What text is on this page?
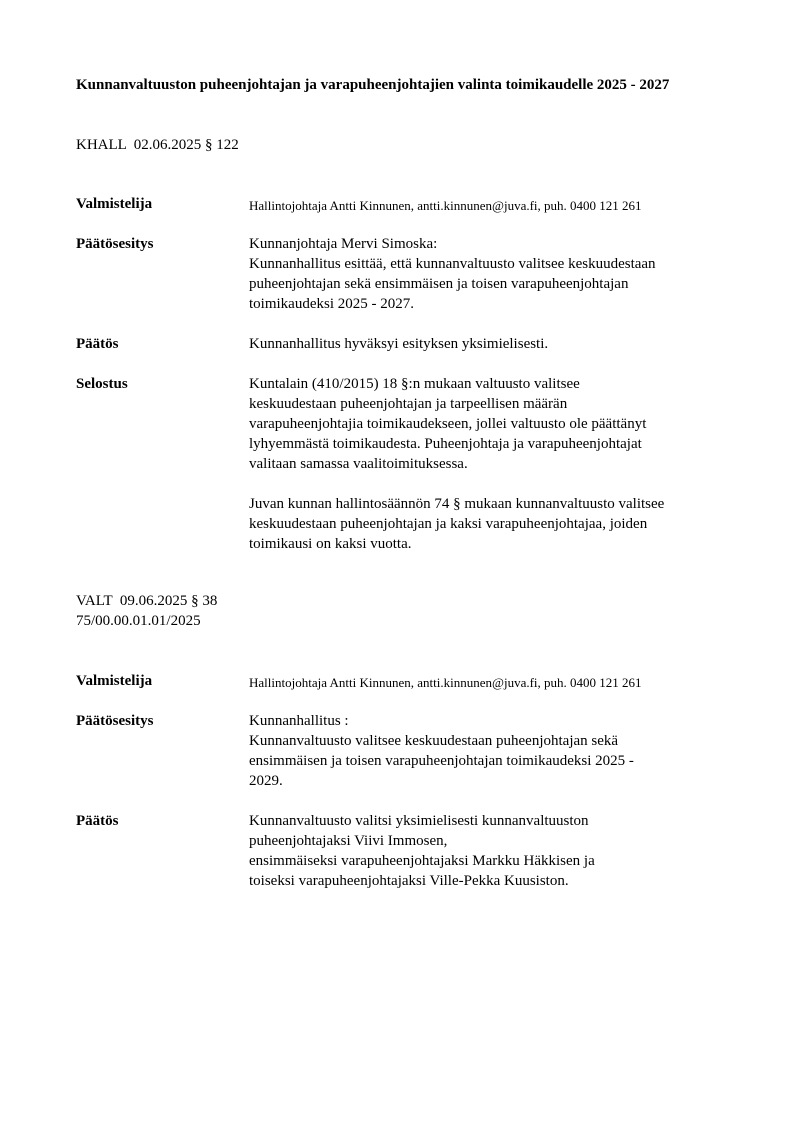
Kunnanvaltuuston puheenjohtajan ja varapuheenjohtajien valinta toimikaudelle 2025 - 2027
KHALL  02.06.2025 § 122
Valmistelija	Hallintojohtaja Antti Kinnunen, antti.kinnunen@juva.fi, puh. 0400 121 261
Päätösesitys	Kunnanjohtaja Mervi Simoska:
Kunnanhallitus esittää, että kunnanvaltuusto valitsee keskuudestaan
puheenjohtajan sekä ensimmäisen ja toisen varapuheenjohtajan
toimikaudeksi 2025 - 2027.
Päätös	Kunnanhallitus hyväksyi esityksen yksimielisesti.
Selostus	Kuntalain (410/2015) 18 §:n mukaan valtuusto valitsee
keskuudestaan puheenjohtajan ja tarpeellisen määrän
varapuheenjohtajia toimikaudekseen, jollei valtuusto ole päättänyt
lyhyemmästä toimikaudesta. Puheenjohtaja ja varapuheenjohtajat
valitaan samassa vaalitoimituksessa.
Juvan kunnan hallintosäännön 74 § mukaan kunnanvaltuusto valitsee
keskuudestaan puheenjohtajan ja kaksi varapuheenjohtajaa, joiden
toimikausi on kaksi vuotta.
VALT  09.06.2025 § 38
75/00.00.01.01/2025
Valmistelija	Hallintojohtaja Antti Kinnunen, antti.kinnunen@juva.fi, puh. 0400 121 261
Päätösesitys	Kunnanhallitus :
Kunnanvaltuusto valitsee keskuudestaan puheenjohtajan sekä
ensimmäisen ja toisen varapuheenjohtajan toimikaudeksi 2025 -
2029.
Päätös	Kunnanvaltuusto valitsi yksimielisesti kunnanvaltuuston
puheenjohtajaksi Viivi Immosen,
ensimmäiseksi varapuheenjohtajaksi Markku Häkkisen ja
toiseksi varapuheenjohtajaksi Ville-Pekka Kuusiston.
